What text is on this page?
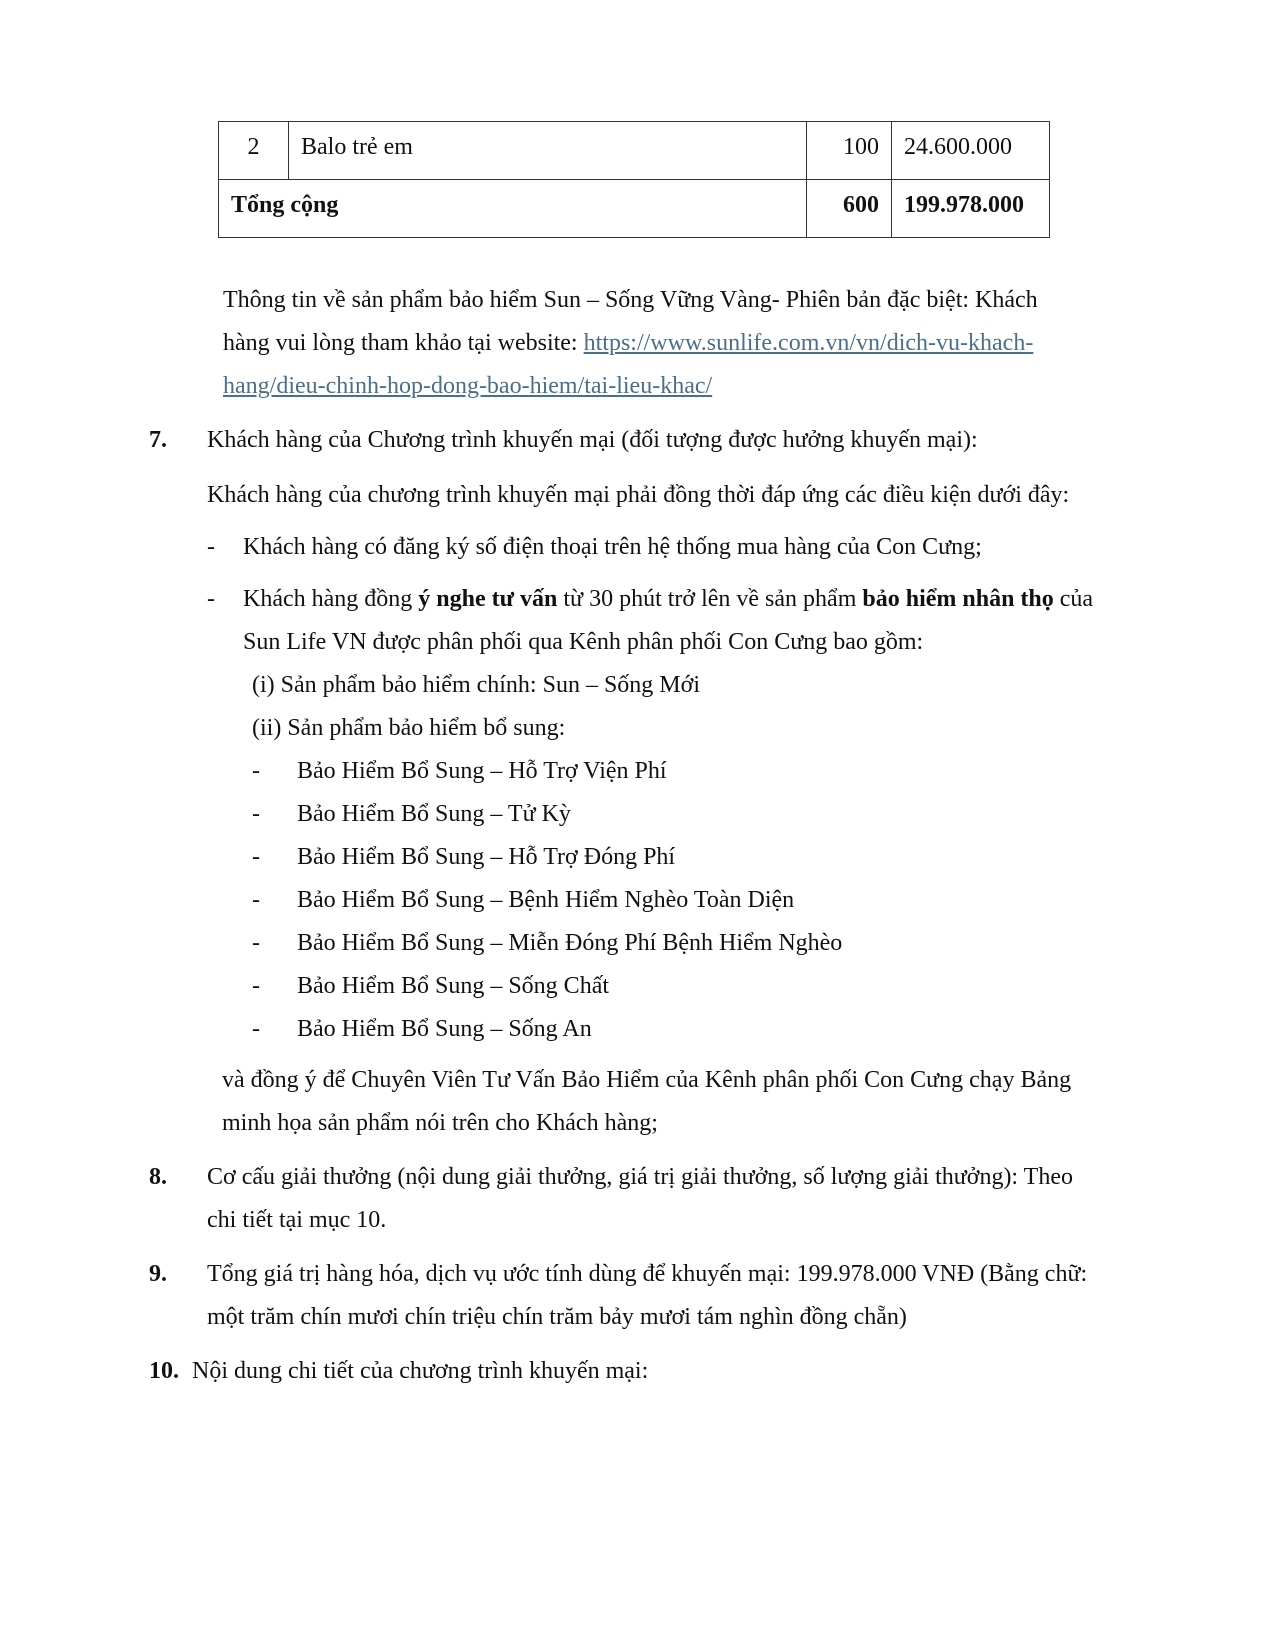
2	Balo trẻ em	100	24.600.000
Tổng cộng		600	199.978.000
Thông tin về sản phẩm bảo hiểm Sun – Sống Vững Vàng- Phiên bản đặc biệt: Khách
hàng vui lòng tham khảo tại website: https://www.sunlife.com.vn/vn/dich-vu-khach-
hang/dieu-chinh-hop-dong-bao-hiem/tai-lieu-khac/
7. Khách hàng của Chương trình khuyến mại (đối tượng được hưởng khuyến mại):
Khách hàng của chương trình khuyến mại phải đồng thời đáp ứng các điều kiện dưới đây:
- Khách hàng có đăng ký số điện thoại trên hệ thống mua hàng của Con Cưng;
- Khách hàng đồng ý nghe tư vấn từ 30 phút trở lên về sản phẩm bảo hiểm nhân thọ của
Sun Life VN được phân phối qua Kênh phân phối Con Cưng bao gồm:
(i) Sản phẩm bảo hiểm chính: Sun – Sống Mới
(ii) Sản phẩm bảo hiểm bổ sung:
- Bảo Hiểm Bổ Sung – Hỗ Trợ Viện Phí
- Bảo Hiểm Bổ Sung – Tử Kỳ
- Bảo Hiểm Bổ Sung – Hỗ Trợ Đóng Phí
- Bảo Hiểm Bổ Sung – Bệnh Hiểm Nghèo Toàn Diện
- Bảo Hiểm Bổ Sung – Miễn Đóng Phí Bệnh Hiểm Nghèo
- Bảo Hiểm Bổ Sung – Sống Chất
- Bảo Hiểm Bổ Sung – Sống An
và đồng ý để Chuyên Viên Tư Vấn Bảo Hiểm của Kênh phân phối Con Cưng chạy Bảng
minh họa sản phẩm nói trên cho Khách hàng;
8. Cơ cấu giải thưởng (nội dung giải thưởng, giá trị giải thưởng, số lượng giải thưởng): Theo
chi tiết tại mục 10.
9. Tổng giá trị hàng hóa, dịch vụ ước tính dùng để khuyến mại: 199.978.000 VNĐ (Bằng chữ:
một trăm chín mươi chín triệu chín trăm bảy mươi tám nghìn đồng chẵn)
10. Nội dung chi tiết của chương trình khuyến mại:
